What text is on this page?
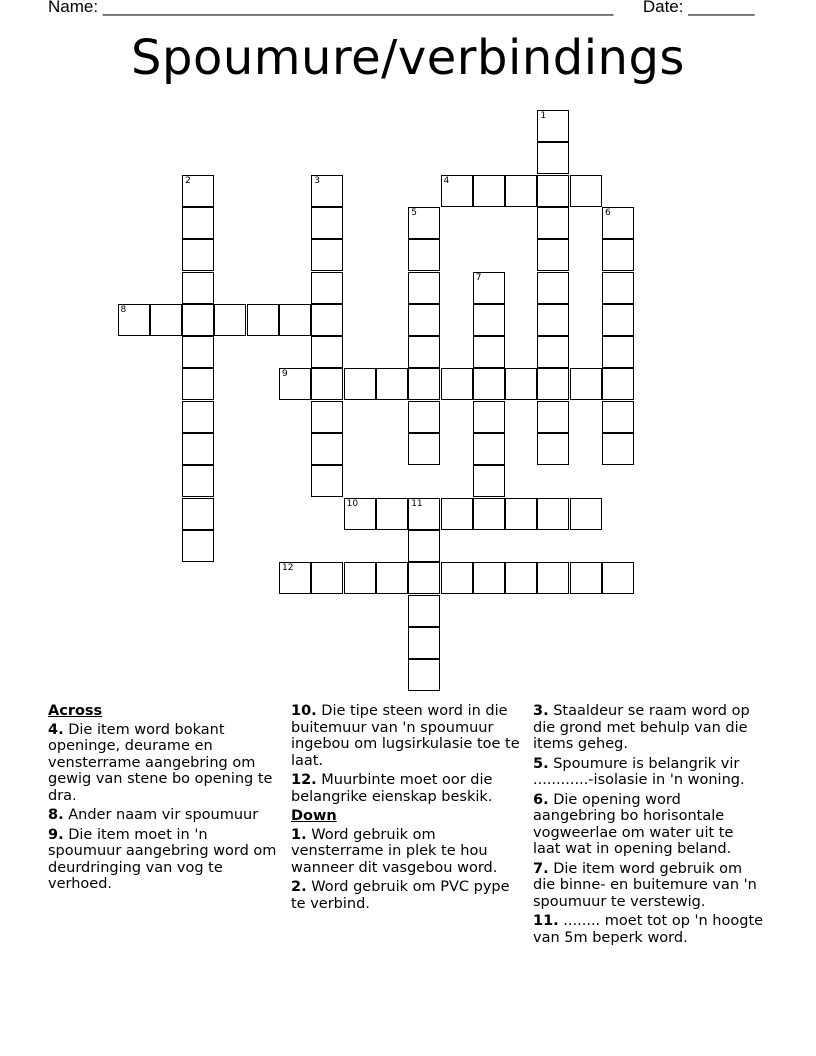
Name: ______________________________________________________ Date: _______
Spoumure/verbindings
1
2	3	4
5	6
7
8
9
10	11
12
Across
4. Die item word bokant openinge, deurame en vensterrame aangebring om gewig van stene bo opening te dra.
8. Ander naam vir spoumuur
9. Die item moet in 'n spoumuur aangebring word om deurdringing van vog te verhoed.
10. Die tipe steen word in die buitemuur van 'n spoumuur ingebou om lugsirkulasie toe te laat.
12. Muurbinte moet oor die belangrike eienskap beskik.
Down
1. Word gebruik om vensterrame in plek te hou wanneer dit vasgebou word.
2. Word gebruik om PVC pype te verbind.
3. Staaldeur se raam word op die grond met behulp van die items geheg.
5. Spoumure is belangrik vir ............-isolasie in 'n woning.
6. Die opening word aangebring bo horisontale vogweerlae om water uit te laat wat in opening beland.
7. Die item word gebruik om die binne- en buitemure van 'n spoumuur te verstewig.
11. ........ moet tot op 'n hoogte van 5m beperk word.
